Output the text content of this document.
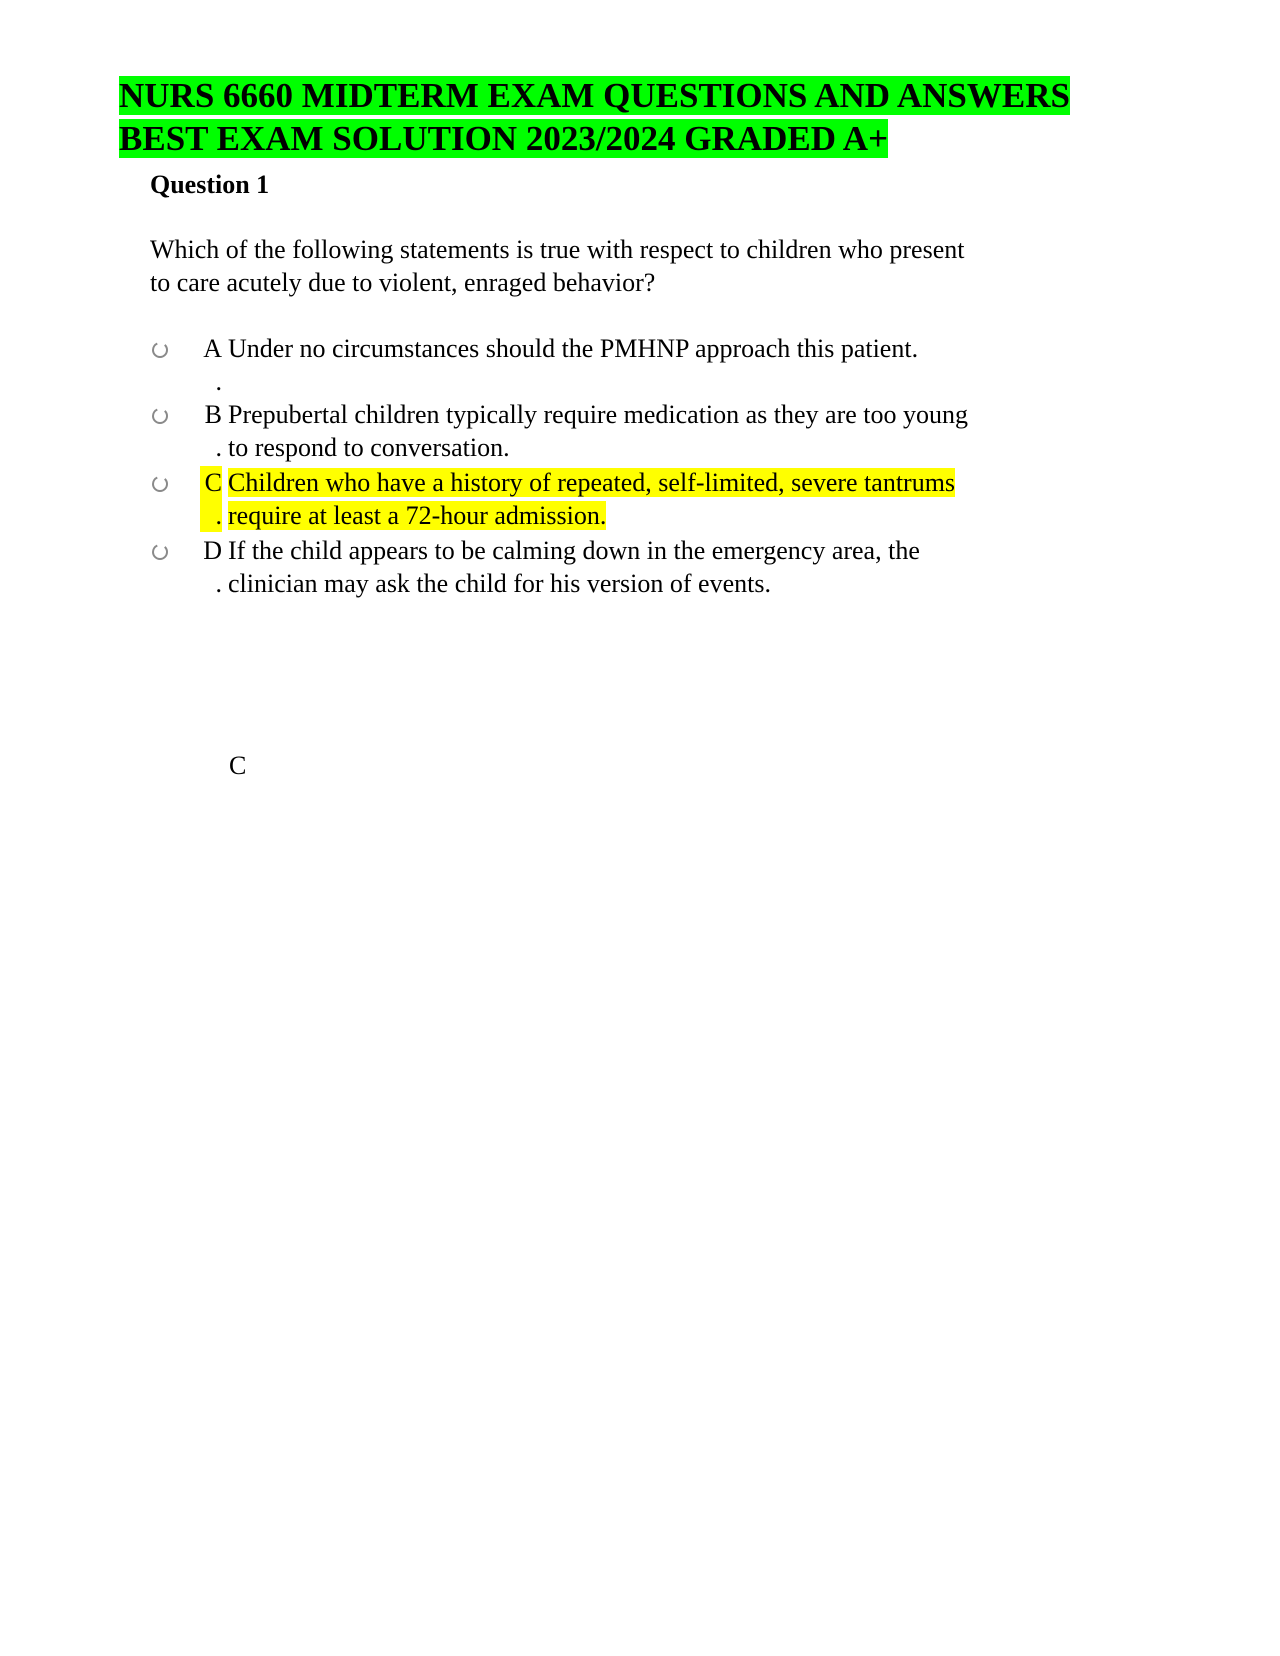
NURS 6660 MIDTERM EXAM QUESTIONS AND ANSWERS
BEST EXAM SOLUTION 2023/2024 GRADED A+

Question 1

Which of the following statements is true with respect to children who present
to care acutely due to violent, enraged behavior?

A
.
Under no circumstances should the PMHNP approach this patient.
B
.
Prepubertal children typically require medication as they are too young
to respond to conversation.
C
.
Children who have a history of repeated, self-limited, severe tantrums
require at least a 72-hour admission.
D
.
If the child appears to be calming down in the emergency area, the
clinician may ask the child for his version of events.

C
